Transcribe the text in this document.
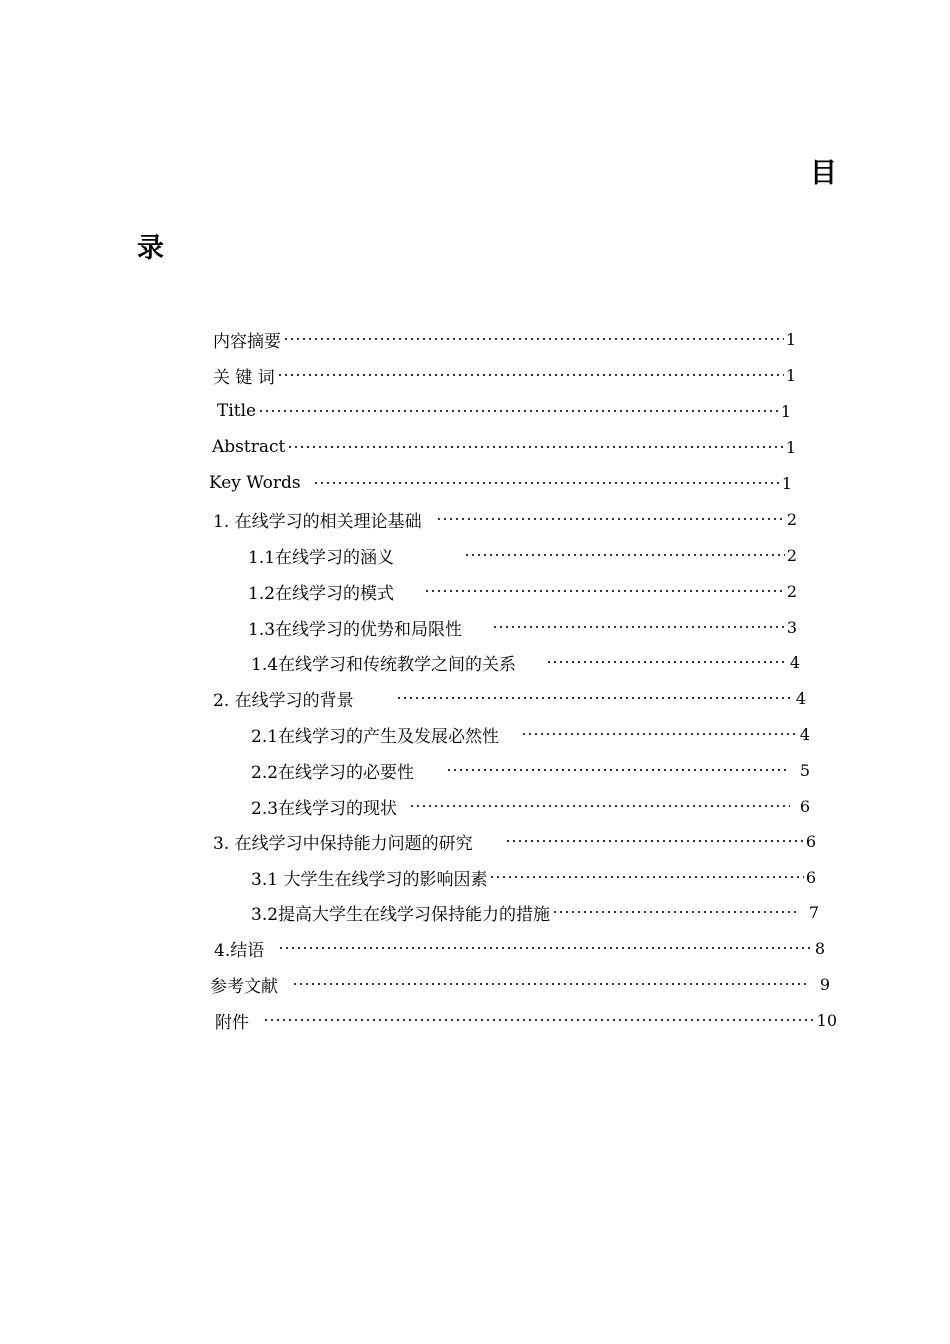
目
录
内容摘要	1
关 键 词	1
Title	1
Abstract	1
Key Words	1
1. 在线学习的相关理论基础	2
1.1在线学习的涵义	2
1.2在线学习的模式	2
1.3在线学习的优势和局限性	3
1.4在线学习和传统教学之间的关系	4
2. 在线学习的背景	4
2.1在线学习的产生及发展必然性	4
2.2在线学习的必要性	5
2.3在线学习的现状	6
3. 在线学习中保持能力问题的研究	6
3.1 大学生在线学习的影响因素	6
3.2提高大学生在线学习保持能力的措施	7
4.结语	8
参考文献	9
附件	10
